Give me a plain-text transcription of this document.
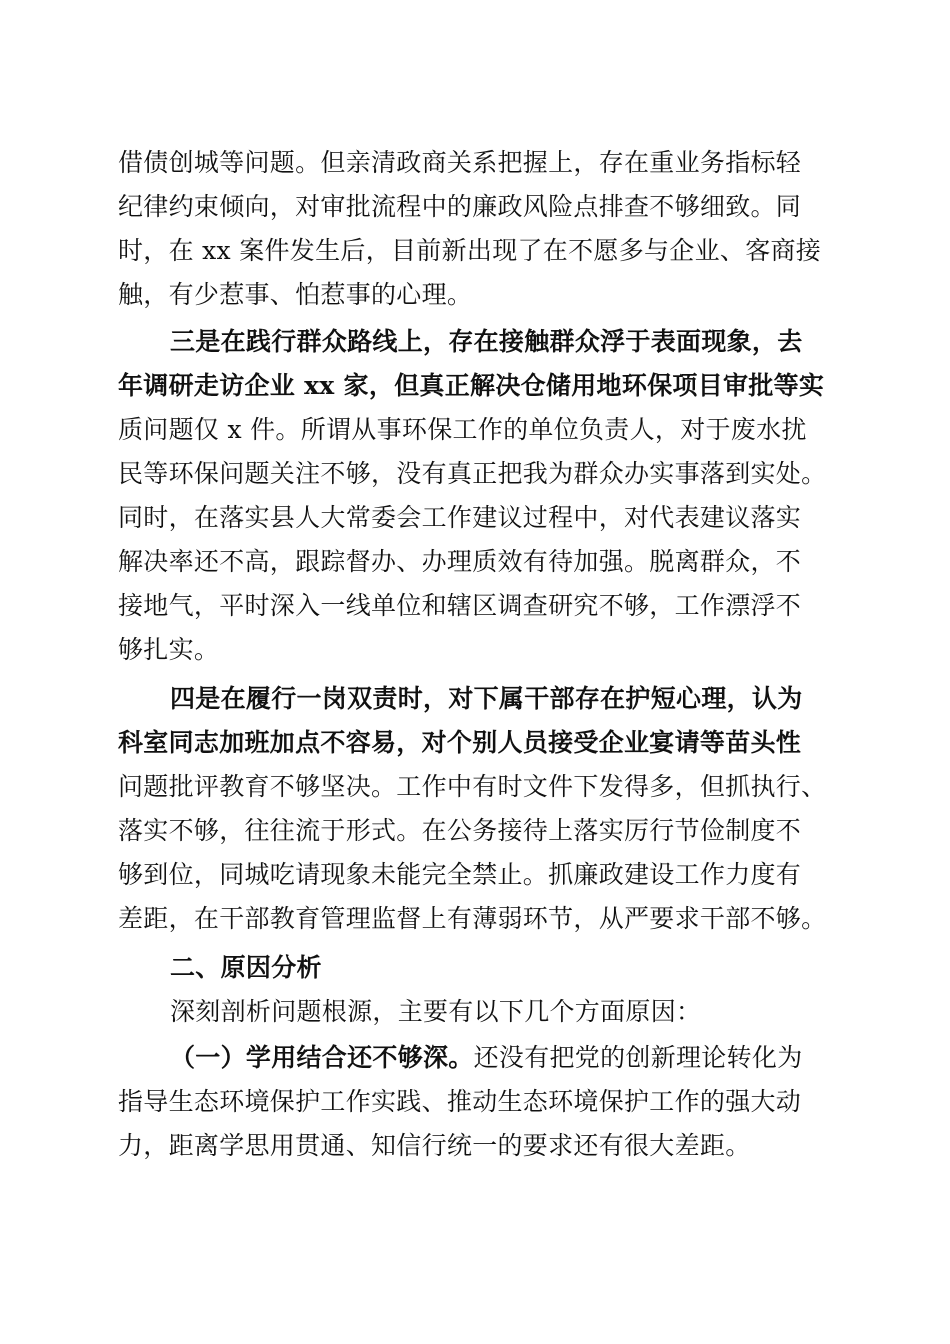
借债创城等问题。但亲清政商关系把握上，存在重业务指标轻
纪律约束倾向，对审批流程中的廉政风险点排查不够细致。同
时，在 xx 案件发生后，目前新出现了在不愿多与企业、客商接
触，有少惹事、怕惹事的心理。
三是在践行群众路线上，存在接触群众浮于表面现象，去
年调研走访企业 xx 家，但真正解决仓储用地环保项目审批等实
质问题仅 x 件。所谓从事环保工作的单位负责人，对于废水扰
民等环保问题关注不够，没有真正把我为群众办实事落到实处。
同时，在落实县人大常委会工作建议过程中，对代表建议落实
解决率还不高，跟踪督办、办理质效有待加强。脱离群众，不
接地气，平时深入一线单位和辖区调查研究不够，工作漂浮不
够扎实。
四是在履行一岗双责时，对下属干部存在护短心理，认为
科室同志加班加点不容易，对个别人员接受企业宴请等苗头性
问题批评教育不够坚决。工作中有时文件下发得多，但抓执行、
落实不够，往往流于形式。在公务接待上落实厉行节俭制度不
够到位，同城吃请现象未能完全禁止。抓廉政建设工作力度有
差距，在干部教育管理监督上有薄弱环节，从严要求干部不够。
二、原因分析
深刻剖析问题根源，主要有以下几个方面原因：
（一）学用结合还不够深。还没有把党的创新理论转化为
指导生态环境保护工作实践、推动生态环境保护工作的强大动
力，距离学思用贯通、知信行统一的要求还有很大差距。
